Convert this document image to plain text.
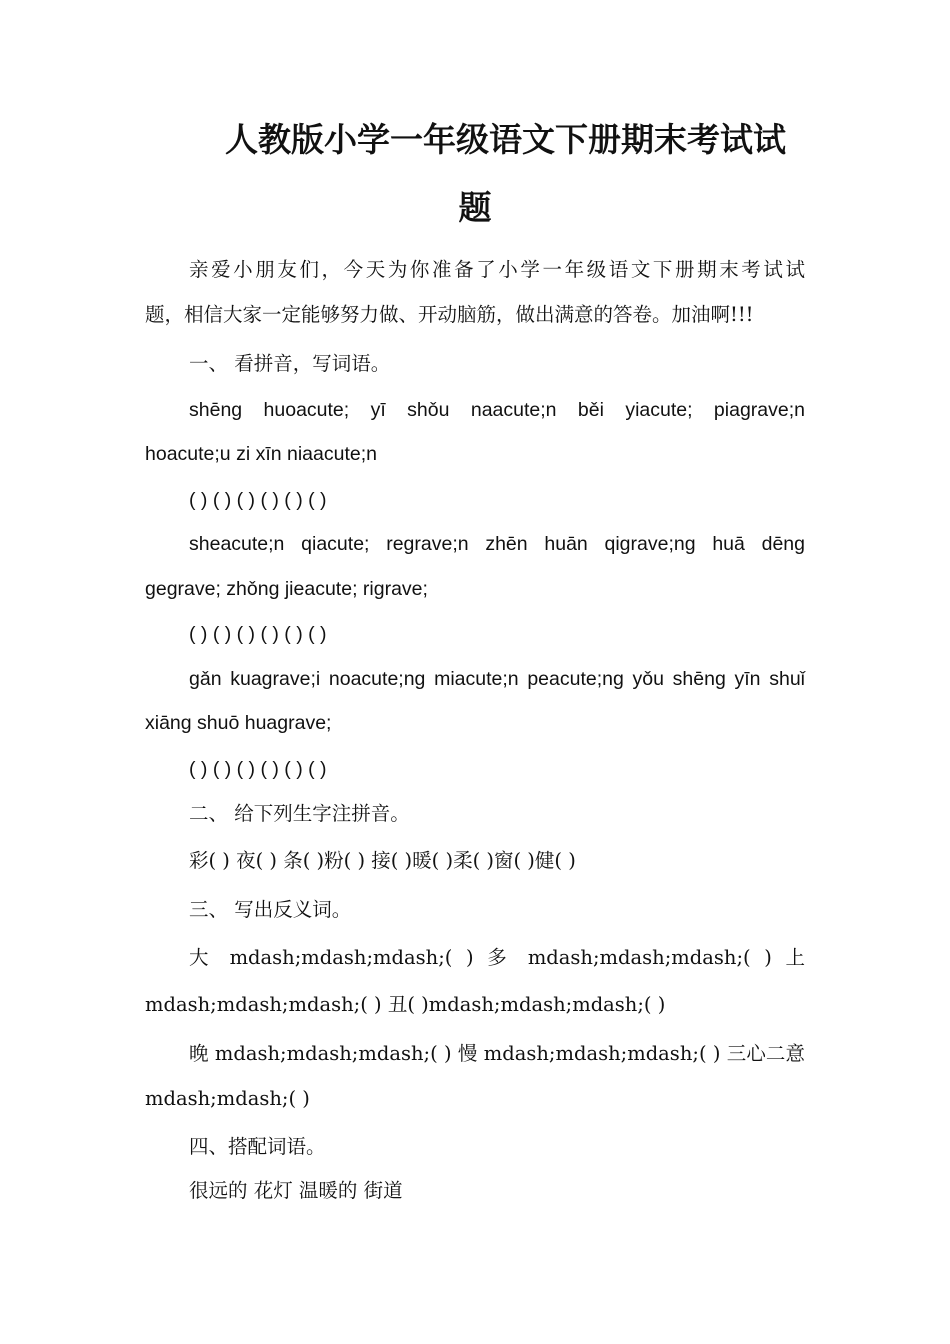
人教版小学一年级语文下册期末考试试
题
亲爱小朋友们，今天为你准备了小学一年级语文下册期末考试试
题，相信大家一定能够努力做、开动脑筋，做出满意的答卷。加油啊!!!
一、 看拼音，写词语。
shēng huoacute; yī shǒu naacute;n běi yiacute; piagrave;n
hoacute;u zi xīn niaacute;n
( ) ( ) ( ) ( ) ( ) ( )
sheacute;n qiacute; regrave;n zhēn huān qigrave;ng huā dēng
gegrave; zhǒng jieacute; rigrave;
( ) ( ) ( ) ( ) ( ) ( )
gǎn kuagrave;i noacute;ng miacute;n peacute;ng yǒu shēng yīn shuǐ
xiāng shuō huagrave;
( ) ( ) ( ) ( ) ( ) ( )
二、 给下列生字注拼音。
彩( ) 夜( ) 条( )粉( ) 接( )暖( )柔( )窗( )健( )
三、 写出反义词。
大 mdash;mdash;mdash;( ) 多 mdash;mdash;mdash;( ) 上
mdash;mdash;mdash;( ) 丑( )mdash;mdash;mdash;( )
晚 mdash;mdash;mdash;( ) 慢 mdash;mdash;mdash;( ) 三心二意
mdash;mdash;( )
四、搭配词语。
很远的 花灯 温暖的 街道
